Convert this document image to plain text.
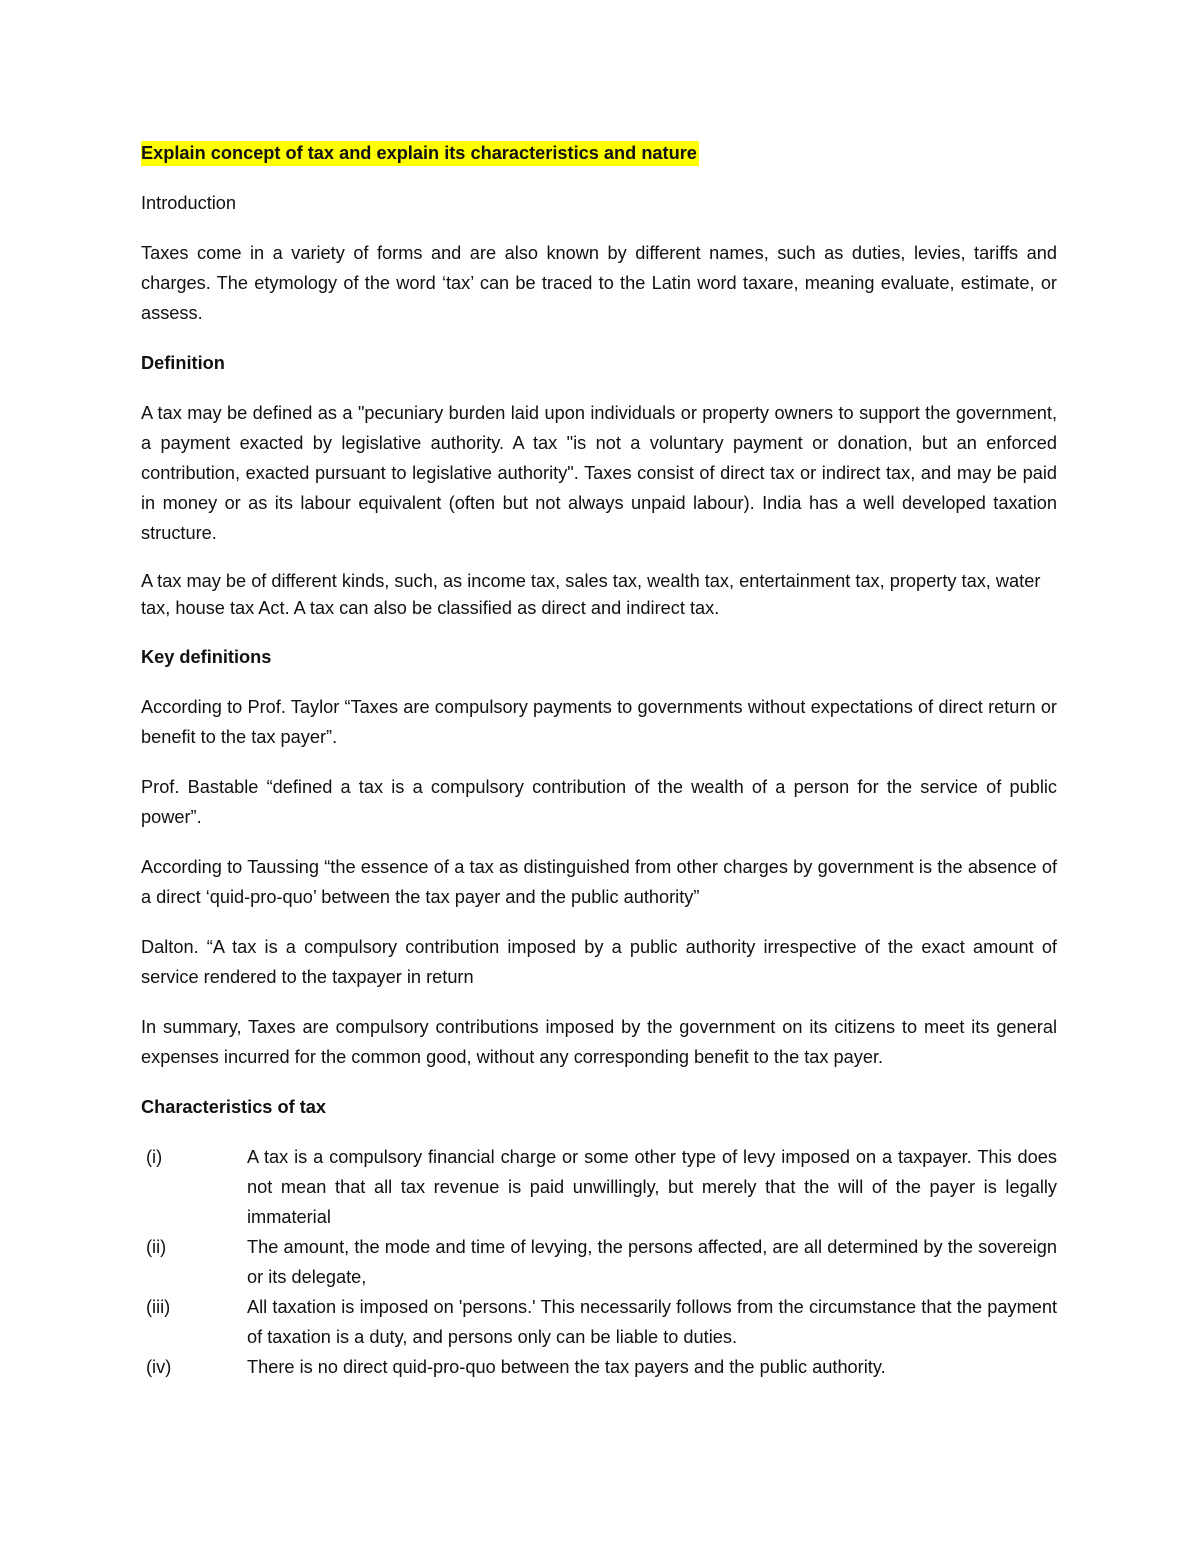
Explain concept of tax and explain its characteristics and nature
Introduction
Taxes come in a variety of forms and are also known by different names, such as duties, levies, tariffs and charges. The etymology of the word ‘tax’ can be traced to the Latin word taxare, meaning evaluate, estimate, or assess.
Definition
A tax may be defined as a "pecuniary burden laid upon individuals or property owners to support the government, a payment exacted by legislative authority. A tax "is not a voluntary payment or donation, but an enforced contribution, exacted pursuant to legislative authority". Taxes consist of direct tax or indirect tax, and may be paid in money or as its labour equivalent (often but not always unpaid labour). India has a well developed taxation structure.
A tax may be of different kinds, such, as income tax, sales tax, wealth tax, entertainment tax, property tax, water tax, house tax Act. A tax can also be classified as direct and indirect tax.
Key definitions
According to Prof. Taylor “Taxes are compulsory payments to governments without expectations of direct return or benefit to the tax payer”.
Prof. Bastable “defined a tax is a compulsory contribution of the wealth of a person for the service of public power”.
According to Taussing “the essence of a tax as distinguished from other charges by government is the absence of a direct ‘quid-pro-quo’ between the tax payer and the public authority”
Dalton. “A tax is a compulsory contribution imposed by a public authority irrespective of the exact amount of service rendered to the taxpayer in return
In summary, Taxes are compulsory contributions imposed by the government on its citizens to meet its general expenses incurred for the common good, without any corresponding benefit to the tax payer.
Characteristics of tax
(i)	A tax is a compulsory financial charge or some other type of levy imposed on a taxpayer. This does not mean that all tax revenue is paid unwillingly, but merely that the will of the payer is legally immaterial
(ii)	The amount, the mode and time of levying, the persons affected, are all determined by the sovereign or its delegate,
(iii)	All taxation is imposed on 'persons.' This necessarily follows from the circumstance that the payment of taxation is a duty, and persons only can be liable to duties.
(iv)	There is no direct quid-pro-quo between the tax payers and the public authority.
